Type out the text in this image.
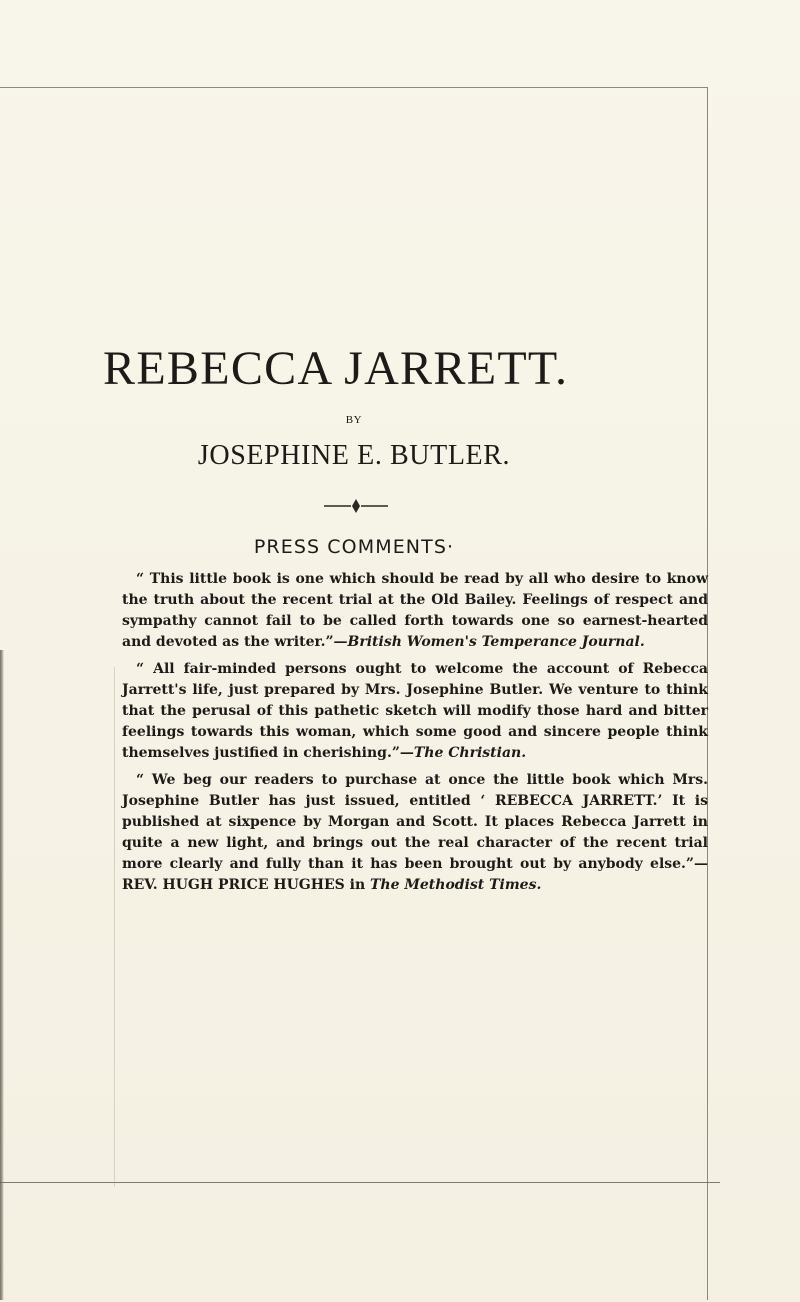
REBECCA JARRETT.
BY
JOSEPHINE E. BUTLER.
PRESS COMMENTS·

“ This little book is one which should be read by all who desire to know the truth about the recent trial at the Old Bailey. Feelings of respect and sympathy cannot fail to be called forth towards one so earnest-hearted and devoted as the writer.”—British Women's Temperance Journal.

“ All fair-minded persons ought to welcome the account of Rebecca Jarrett's life, just prepared by Mrs. Josephine Butler. We venture to think that the perusal of this pathetic sketch will modify those hard and bitter feelings towards this woman, which some good and sincere people think themselves justified in cherishing.”—The Christian.

“ We beg our readers to purchase at once the little book which Mrs. Josephine Butler has just issued, entitled ‘ REBECCA JARRETT.’ It is published at sixpence by Morgan and Scott. It places Rebecca Jarrett in quite a new light, and brings out the real character of the recent trial more clearly and fully than it has been brought out by anybody else.”—REV. HUGH PRICE HUGHES in The Methodist Times.
